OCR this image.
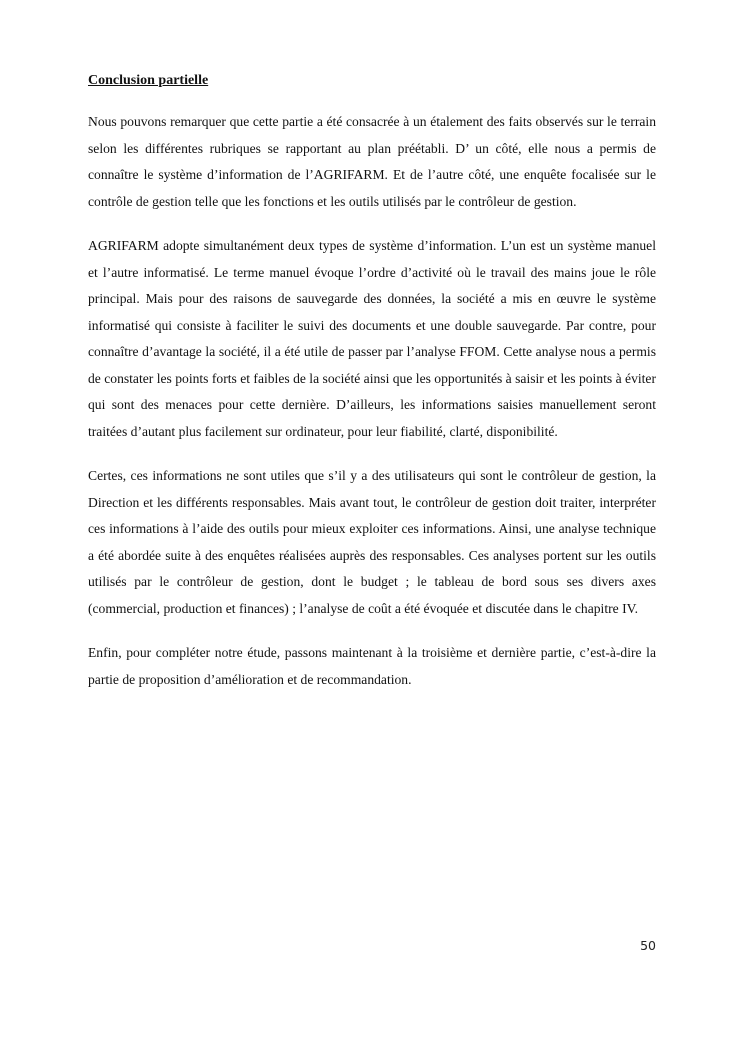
Conclusion partielle

Nous pouvons remarquer que cette partie a été consacrée à un étalement des faits observés sur le terrain selon les différentes rubriques se rapportant au plan préétabli. D’ un côté, elle nous a permis de connaître le système d’information de l’AGRIFARM. Et de l’autre côté, une enquête focalisée sur le contrôle de gestion telle que les fonctions et les outils utilisés par le contrôleur de gestion.

AGRIFARM adopte simultanément deux types de système d’information. L’un est un système manuel et l’autre informatisé. Le terme manuel évoque l’ordre d’activité où le travail des mains joue le rôle principal. Mais pour des raisons de sauvegarde des données, la société a mis en œuvre le système informatisé qui consiste à faciliter le suivi des documents et une double sauvegarde. Par contre, pour connaître d’avantage la société, il a été utile de passer par l’analyse FFOM. Cette analyse nous a permis de constater les points forts et faibles de la société ainsi que les opportunités à saisir et les points à éviter qui sont des menaces pour cette dernière. D’ailleurs, les informations saisies manuellement seront traitées d’autant plus facilement sur ordinateur, pour leur fiabilité, clarté, disponibilité.

Certes, ces informations ne sont utiles que s’il y a des utilisateurs qui sont le contrôleur de gestion, la Direction et les différents responsables. Mais avant tout, le contrôleur de gestion doit traiter, interpréter ces informations à l’aide des outils pour mieux exploiter ces informations. Ainsi, une analyse technique a été abordée suite à des enquêtes réalisées auprès des responsables. Ces analyses portent sur les outils utilisés par le contrôleur de gestion, dont le budget ; le tableau de bord sous ses divers axes (commercial, production et finances) ; l’analyse de coût a été évoquée et discutée dans le chapitre IV.

Enfin, pour compléter notre étude, passons maintenant à la troisième et dernière partie, c’est-à-dire la partie de proposition d’amélioration et de recommandation.

50
